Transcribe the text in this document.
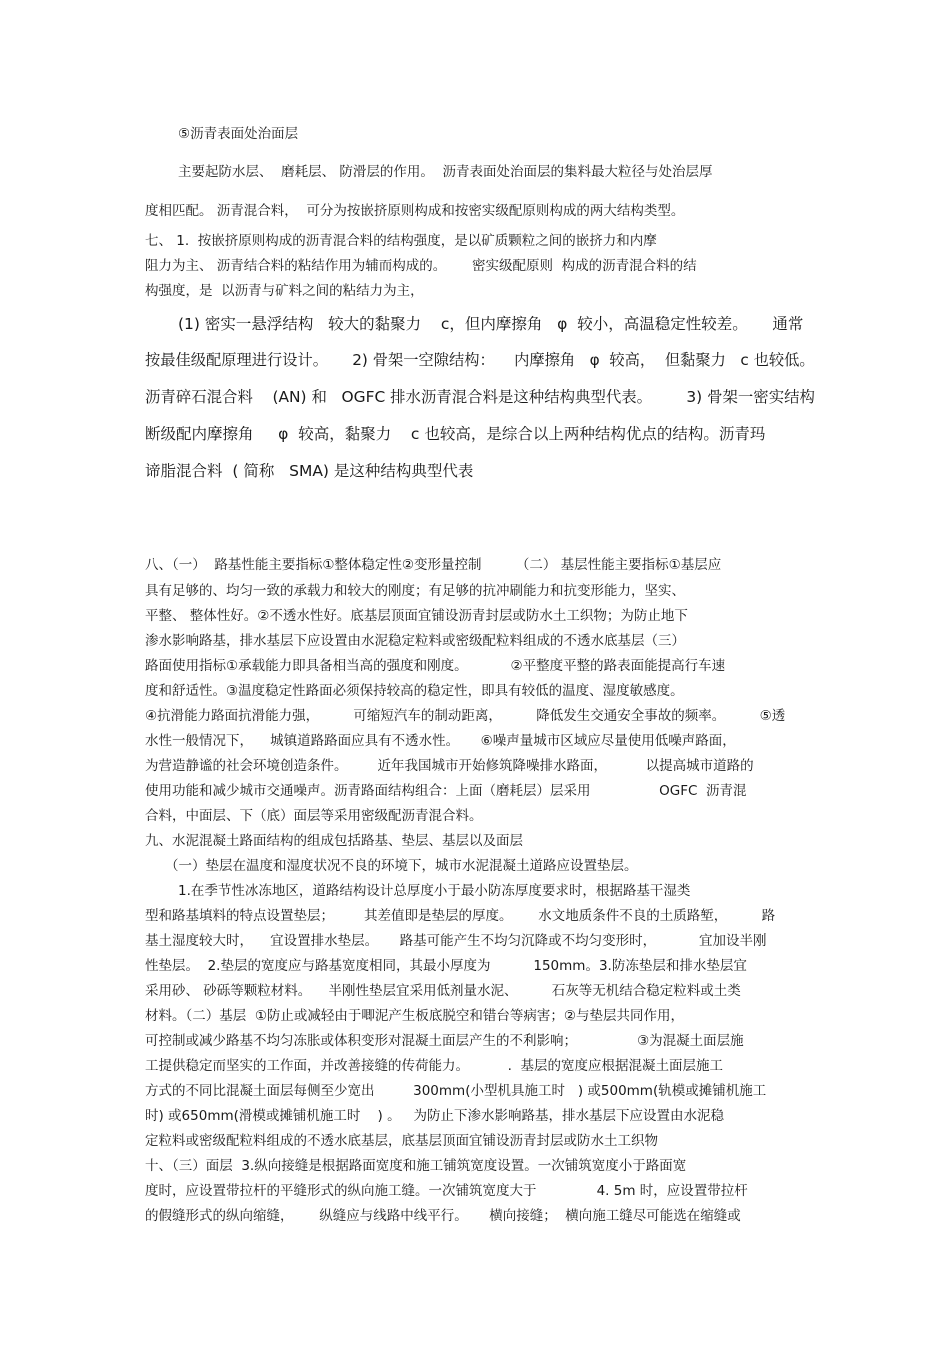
⑤沥青表面处治面层
主要起防水层、  磨耗层、 防滑层的作用。  沥青表面处治面层的集料最大粒径与处治层厚
度相匹配。 沥青混合料，  可分为按嵌挤原则构成和按密实级配原则构成的两大结构类型。
七、 1.  按嵌挤原则构成的沥青混合料的结构强度，是以矿质颗粒之间的嵌挤力和内摩
阻力为主、 沥青结合料的粘结作用为辅而构成的。      密实级配原则  构成的沥青混合料的结
构强度，是  以沥青与矿料之间的粘结力为主，
(1) 密实一悬浮结构   较大的黏聚力    c，但内摩擦角   φ  较小，高温稳定性较差。     通常
按最佳级配原理进行设计。     2) 骨架一空隙结构：    内摩擦角   φ  较高，  但黏聚力   c 也较低。
沥青碎石混合料    (AN) 和   OGFC 排水沥青混合料是这种结构典型代表。       3) 骨架一密实结构
断级配内摩擦角     φ  较高，黏聚力    c 也较高，是综合以上两种结构优点的结构。沥青玛
谛脂混合料  ( 简称   SMA) 是这种结构典型代表
八、（一）  路基性能主要指标①整体稳定性②变形量控制        （二） 基层性能主要指标①基层应
具有足够的、均匀一致的承载力和较大的刚度；有足够的抗冲刷能力和抗变形能力，坚实、
平整、 整体性好。②不透水性好。底基层顶面宜铺设沥青封层或防水土工织物；为防止地下
渗水影响路基，排水基层下应设置由水泥稳定粒料或密级配粒料组成的不透水底基层（三）
路面使用指标①承载能力即具备相当高的强度和刚度。          ②平整度平整的路表面能提高行车速
度和舒适性。③温度稳定性路面必须保持较高的稳定性，即具有较低的温度、湿度敏感度。
④抗滑能力路面抗滑能力强，        可缩短汽车的制动距离，        降低发生交通安全事故的频率。        ⑤透
水性一般情况下，    城镇道路路面应具有不透水性。     ⑥噪声量城市区域应尽量使用低噪声路面，
为营造静谧的社会环境创造条件。       近年我国城市开始修筑降噪排水路面，         以提高城市道路的
使用功能和减少城市交通噪声。沥青路面结构组合：上面（磨耗层）层采用                OGFC  沥青混
合料，中面层、下（底）面层等采用密级配沥青混合料。
九、水泥混凝土路面结构的组成包括路基、垫层、基层以及面层
（一）垫层在温度和湿度状况不良的环境下，城市水泥混凝土道路应设置垫层。
1.在季节性冰冻地区，道路结构设计总厚度小于最小防冻厚度要求时，根据路基干湿类
型和路基填料的特点设置垫层；       其差值即是垫层的厚度。      水文地质条件不良的土质路堑，        路
基土湿度较大时，    宜设置排水垫层。     路基可能产生不均匀沉降或不均匀变形时，          宜加设半刚
性垫层。  2.垫层的宽度应与路基宽度相同，其最小厚度为          150mm。3.防冻垫层和排水垫层宜
采用砂、 砂砾等颗粒材料。    半刚性垫层宜采用低剂量水泥、        石灰等无机结合稳定粒料或土类
材料。（二）基层  ①防止或减轻由于唧泥产生板底脱空和错台等病害；②与垫层共同作用，
可控制或减少路基不均匀冻胀或体积变形对混凝土面层产生的不利影响；              ③为混凝土面层施
工提供稳定而坚实的工作面，并改善接缝的传荷能力。         .  基层的宽度应根据混凝土面层施工
方式的不同比混凝土面层每侧至少宽出         300mm(小型机具施工时   ) 或500mm(轨模或摊铺机施工
时) 或650mm(滑模或摊铺机施工时    ) 。   为防止下渗水影响路基，排水基层下应设置由水泥稳
定粒料或密级配粒料组成的不透水底基层，底基层顶面宜铺设沥青封层或防水土工织物
十、（三）面层  3.纵向接缝是根据路面宽度和施工铺筑宽度设置。一次铺筑宽度小于路面宽
度时，应设置带拉杆的平缝形式的纵向施工缝。一次铺筑宽度大于              4. 5m 时，应设置带拉杆
的假缝形式的纵向缩缝，      纵缝应与线路中线平行。     横向接缝；  横向施工缝尽可能选在缩缝或
